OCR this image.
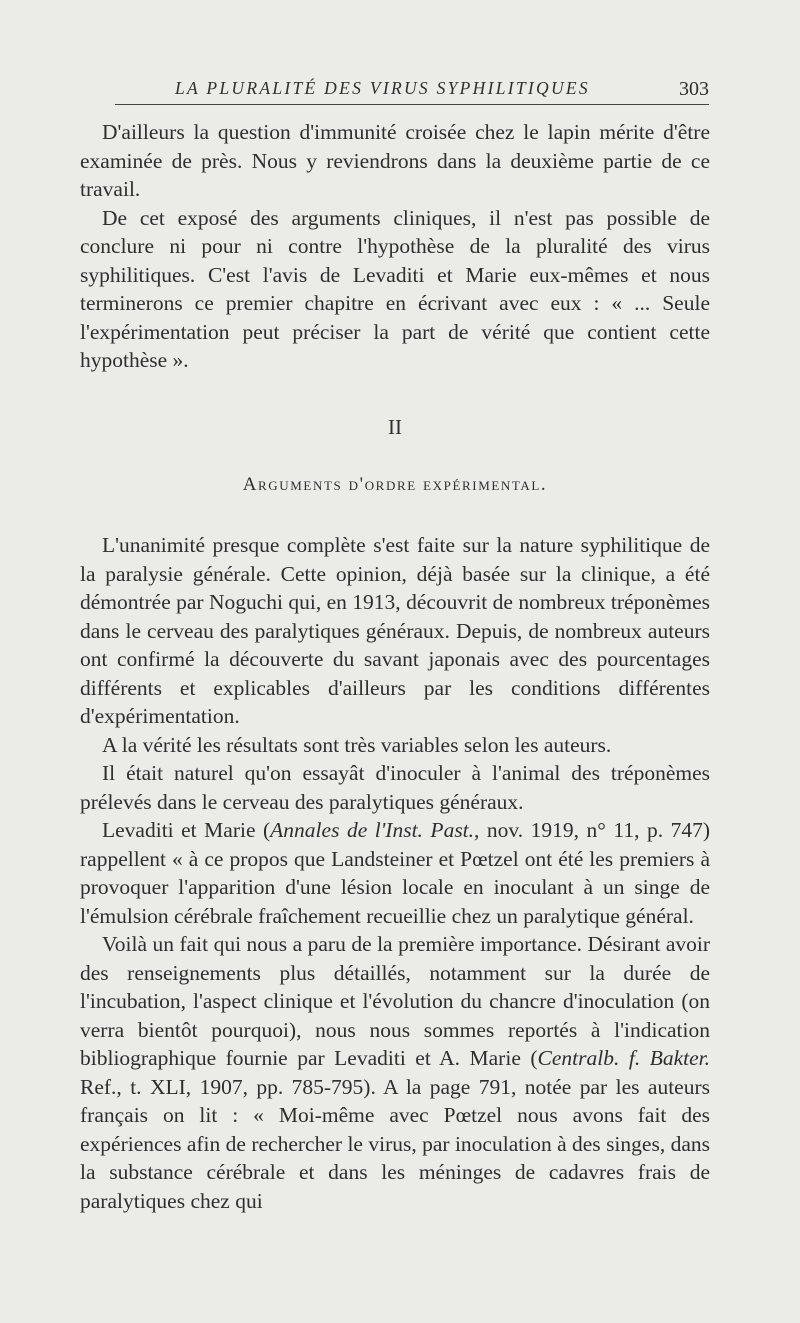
LA PLURALITÉ DES VIRUS SYPHILITIQUES	303

D'ailleurs la question d'immunité croisée chez le lapin mérite d'être examinée de près. Nous y reviendrons dans la deuxième partie de ce travail.

De cet exposé des arguments cliniques, il n'est pas possible de conclure ni pour ni contre l'hypothèse de la pluralité des virus syphilitiques. C'est l'avis de Levaditi et Marie eux-mêmes et nous terminerons ce premier chapitre en écrivant avec eux : « ... Seule l'expérimentation peut préciser la part de vérité que contient cette hypothèse ».

II
Arguments d'ordre expérimental.

L'unanimité presque complète s'est faite sur la nature syphilitique de la paralysie générale. Cette opinion, déjà basée sur la clinique, a été démontrée par Noguchi qui, en 1913, découvrit de nombreux tréponèmes dans le cerveau des paralytiques généraux. Depuis, de nombreux auteurs ont confirmé la découverte du savant japonais avec des pourcentages différents et explicables d'ailleurs par les conditions différentes d'expérimentation.

A la vérité les résultats sont très variables selon les auteurs.

Il était naturel qu'on essayât d'inoculer à l'animal des tréponèmes prélevés dans le cerveau des paralytiques généraux.

Levaditi et Marie (Annales de l'Inst. Past., nov. 1919, n° 11, p. 747) rappellent « à ce propos que Landsteiner et Pœtzel ont été les premiers à provoquer l'apparition d'une lésion locale en inoculant à un singe de l'émulsion cérébrale fraîchement recueillie chez un paralytique général.

Voilà un fait qui nous a paru de la première importance. Désirant avoir des renseignements plus détaillés, notamment sur la durée de l'incubation, l'aspect clinique et l'évolution du chancre d'inoculation (on verra bientôt pourquoi), nous nous sommes reportés à l'indication bibliographique fournie par Levaditi et A. Marie (Centralb. f. Bakter. Ref., t. XLI, 1907, pp. 785-795). A la page 791, notée par les auteurs français on lit : « Moi-même avec Pœtzel nous avons fait des expériences afin de rechercher le virus, par inoculation à des singes, dans la substance cérébrale et dans les méninges de cadavres frais de paralytiques chez qui
